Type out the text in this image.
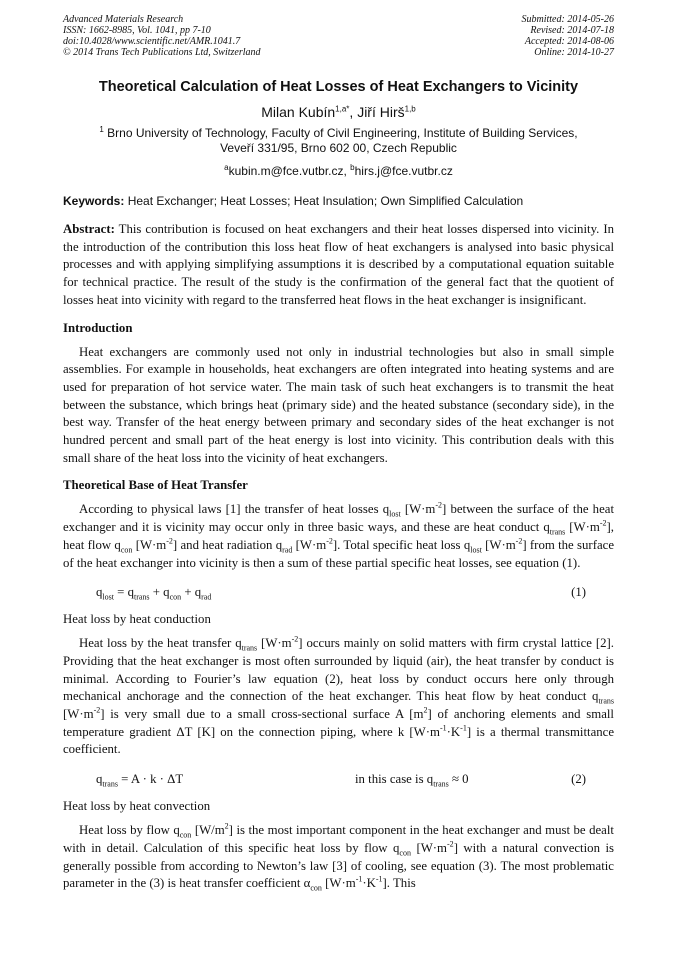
Advanced Materials Research
ISSN: 1662-8985, Vol. 1041, pp 7-10
doi:10.4028/www.scientific.net/AMR.1041.7
© 2014 Trans Tech Publications Ltd, Switzerland
Submitted: 2014-05-26
Revised: 2014-07-18
Accepted: 2014-08-06
Online: 2014-10-27
Theoretical Calculation of Heat Losses of Heat Exchangers to Vicinity
Milan Kubín$^{1,a*}$, Jiří Hirš$^{1,b}$
$^1$ Brno University of Technology, Faculty of Civil Engineering, Institute of Building Services,
Veveří 331/95, Brno 602 00, Czech Republic
$^a$kubin.m@fce.vutbr.cz, $^b$hirs.j@fce.vutbr.cz
Keywords: Heat Exchanger; Heat Losses; Heat Insulation; Own Simplified Calculation

Abstract: This contribution is focused on heat exchangers and their heat losses dispersed into vicinity. In the introduction of the contribution this loss heat flow of heat exchangers is analysed into basic physical processes and with applying simplifying assumptions it is described by a computational equation suitable for technical practice. The result of the study is the confirmation of the general fact that the quotient of losses heat into vicinity with regard to the transferred heat flows in the heat exchanger is insignificant.

Introduction

Heat exchangers are commonly used not only in industrial technologies but also in small simple assemblies. For example in households, heat exchangers are often integrated into heating systems and are used for preparation of hot service water. The main task of such heat exchangers is to transmit the heat between the substance, which brings heat (primary side) and the heated substance (secondary side), in the best way. Transfer of the heat energy between primary and secondary sides of the heat exchanger is not hundred percent and small part of the heat energy is lost into vicinity. This contribution deals with this small share of the heat loss into the vicinity of heat exchangers.

Theoretical Base of Heat Transfer

According to physical laws [1] the transfer of heat losses $q_{lost}$ $[W\cdot m^{-2}]$ between the surface of the heat exchanger and it is vicinity may occur only in three basic ways, and these are heat conduct $q_{trans}$ $[W\cdot m^{-2}]$, heat flow $q_{con}$ $[W\cdot m^{-2}]$ and heat radiation $q_{rad}$ $[W\cdot m^{-2}]$. Total specific heat loss $q_{lost}$ $[W\cdot m^{-2}]$ from the surface of the heat exchanger into vicinity is then a sum of these partial specific heat losses, see equation (1).

$q_{lost} = q_{trans} + q_{con} + q_{rad}$	(1)
Heat loss by heat conduction

Heat loss by the heat transfer $q_{trans}$ $[W\cdot m^{-2}]$ occurs mainly on solid matters with firm crystal lattice [2]. Providing that the heat exchanger is most often surrounded by liquid (air), the heat transfer by conduct is minimal. According to Fourier’s law equation (2), heat loss by conduct occurs here only through mechanical anchorage and the connection of the heat exchanger. This heat flow by heat conduct $q_{trans}$ $[W\cdot m^{-2}]$ is very small due to a small cross-sectional surface A $[m^2]$ of anchoring elements and small temperature gradient ΔT [K] on the connection piping, where k $[W\cdot m^{-1}\cdot K^{-1}]$ is a thermal transmittance coefficient.

$q_{trans} = A \cdot k \cdot \Delta T$	in this case is $q_{trans} \approx 0$	(2)
Heat loss by heat convection

Heat loss by flow $q_{con}$ $[W/m^2]$ is the most important component in the heat exchanger and must be dealt with in detail. Calculation of this specific heat loss by flow $q_{con}$ $[W\cdot m^{-2}]$ with a natural convection is generally possible from according to Newton’s law [3] of cooling, see equation (3). The most problematic parameter in the (3) is heat transfer coefficient $\alpha_{con}$ $[W\cdot m^{-1}\cdot K^{-1}]$. This
